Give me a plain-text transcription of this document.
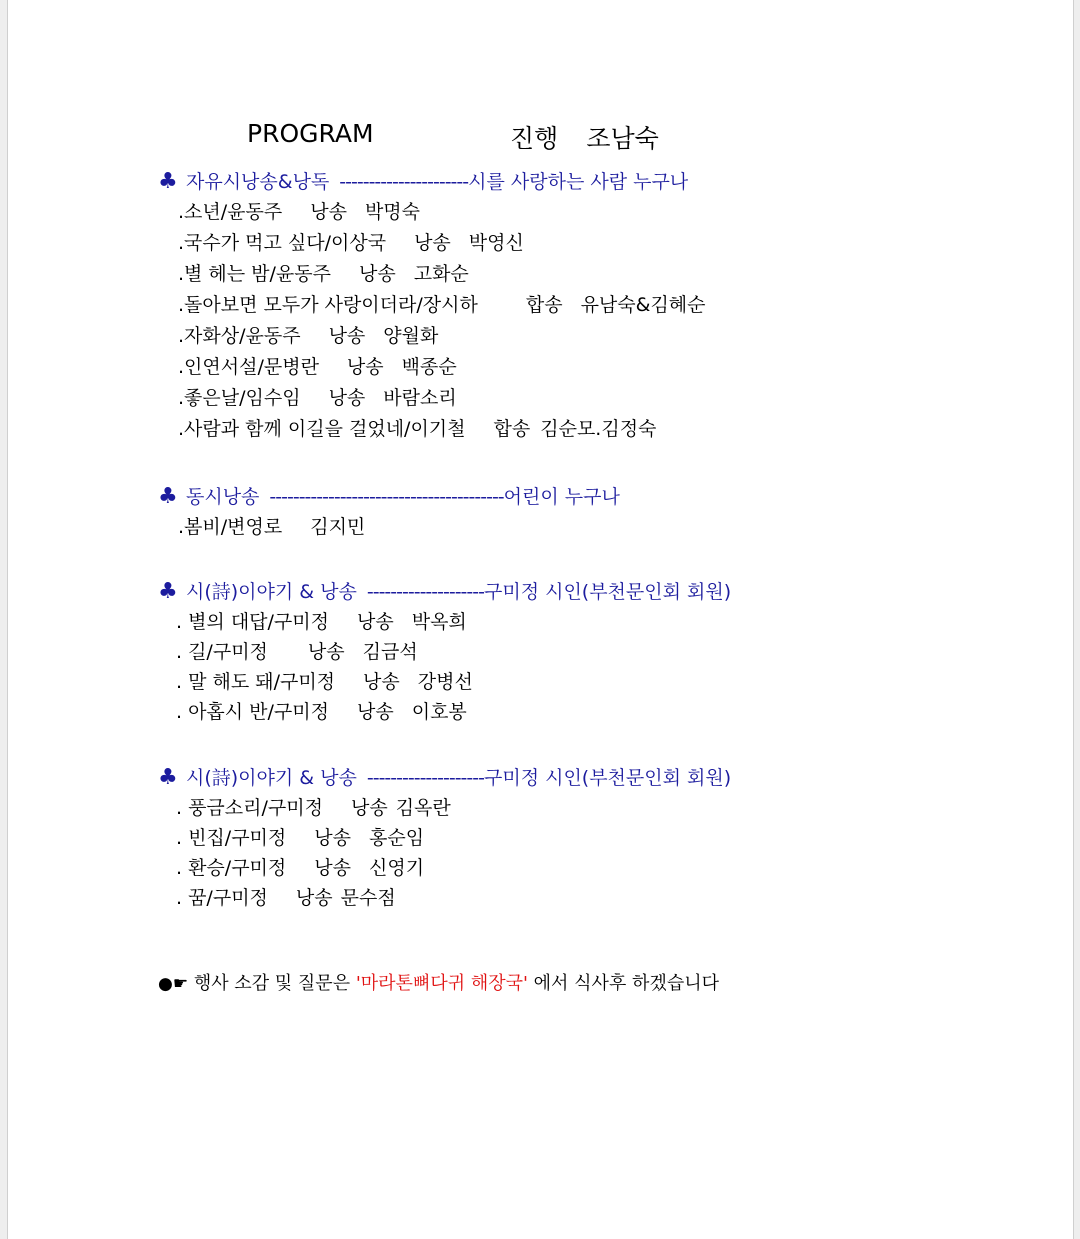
PROGRAM	진행 조남숙
♣ 자유시낭송&낭독 ----------------------시를 사랑하는 사람 누구나
.소년/윤동주 낭송 박명숙
.국수가 먹고 싶다/이상국 낭송 박영신
.별 헤는 밤/윤동주 낭송 고화순
.돌아보면 모두가 사랑이더라/장시하	합송 유남숙&김혜순
.자화상/윤동주 낭송 양월화
.인연서설/문병란 낭송 백종순
.좋은날/임수임 낭송 바람소리
.사람과 함께 이길을 걸었네/이기철 합송 김순모.김정숙
♣ 동시낭송 ----------------------------------------어린이 누구나
.봄비/변영로 김지민
♣ 시(詩)이야기 & 낭송 --------------------구미정 시인(부천문인회 회원)
. 별의 대답/구미정 낭송 박옥희
. 길/구미정 낭송 김금석
. 말 해도 돼/구미정 낭송 강병선
. 아홉시 반/구미정 낭송 이호봉
♣ 시(詩)이야기 & 낭송 --------------------구미정 시인(부천문인회 회원)
. 풍금소리/구미정 낭송 김옥란
. 빈집/구미정 낭송 홍순임
. 환승/구미정 낭송 신영기
. 꿈/구미정 낭송 문수점
●☛ 행사 소감 및 질문은 '마라톤뼈다귀 해장국' 에서 식사후 하겠습니다
